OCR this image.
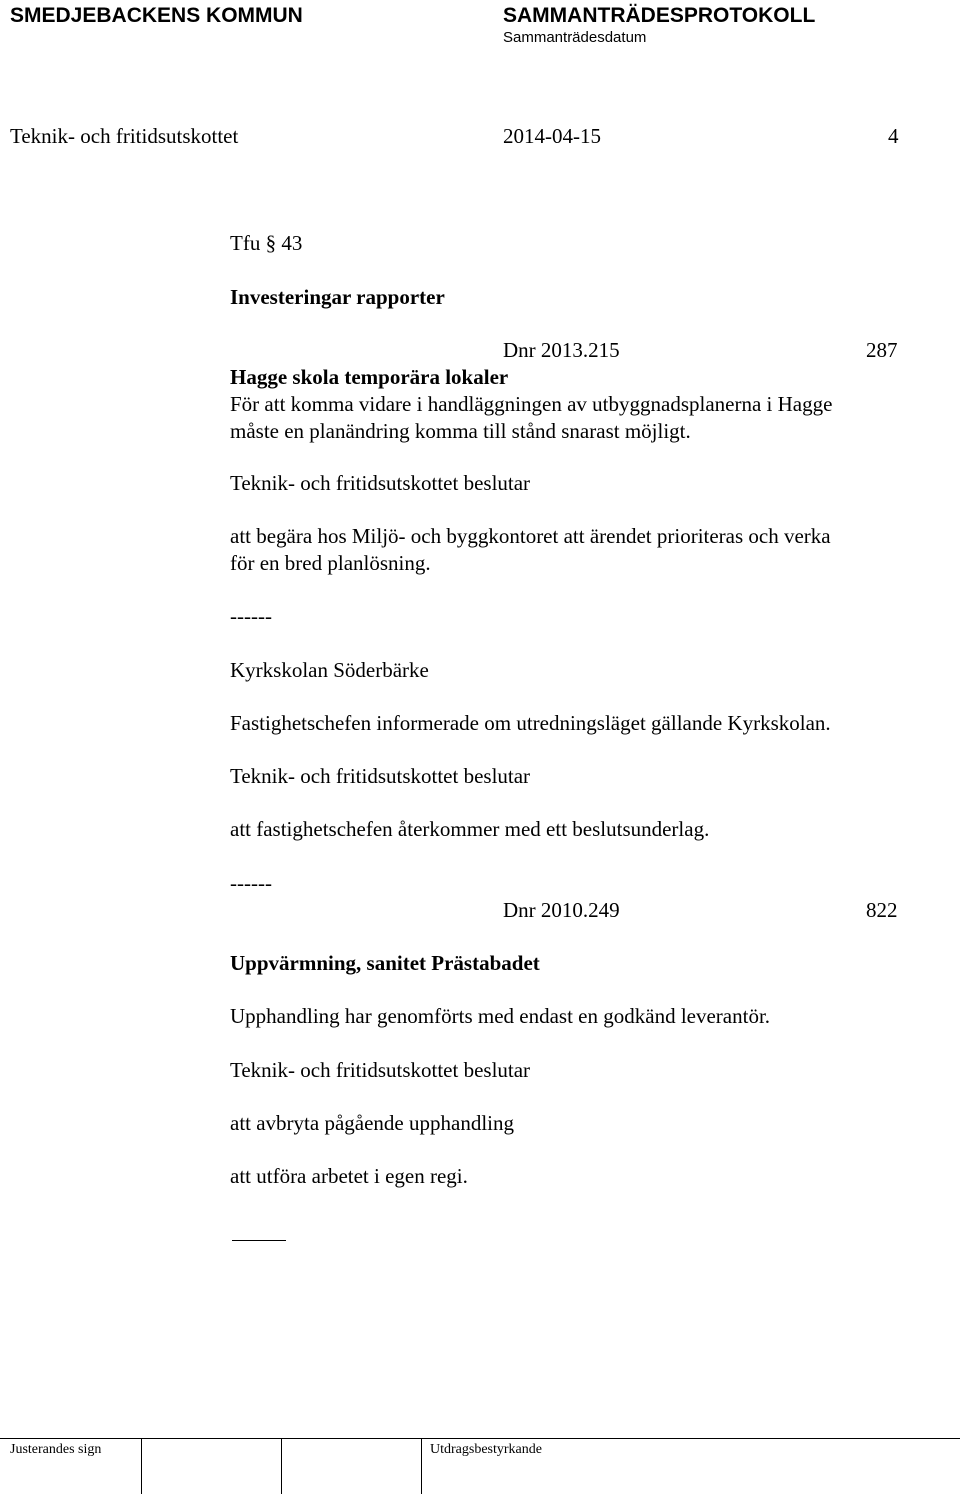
SMEDJEBACKENS KOMMUN	SAMMANTRÄDESPROTOKOLL
Sammanträdesdatum
Teknik- och fritidsutskottet	2014-04-15	4
Tfu § 43
Investeringar rapporter
Dnr 2013.215	287
Hagge skola temporära lokaler
För att komma vidare i handläggningen av utbyggnadsplanerna i Hagge
måste en planändring komma till stånd snarast möjligt.
Teknik- och fritidsutskottet beslutar
att begära hos Miljö- och byggkontoret att ärendet prioriteras och verka
för en bred planlösning.
------
Kyrkskolan Söderbärke
Fastighetschefen informerade om utredningsläget gällande Kyrkskolan.
Teknik- och fritidsutskottet beslutar
att fastighetschefen återkommer med ett beslutsunderlag.
------
Dnr 2010.249	822
Uppvärmning, sanitet Prästabadet
Upphandling har genomförts med endast en godkänd leverantör.
Teknik- och fritidsutskottet beslutar
att avbryta pågående upphandling
att utföra arbetet i egen regi.
Justerandes sign	Utdragsbestyrkande
